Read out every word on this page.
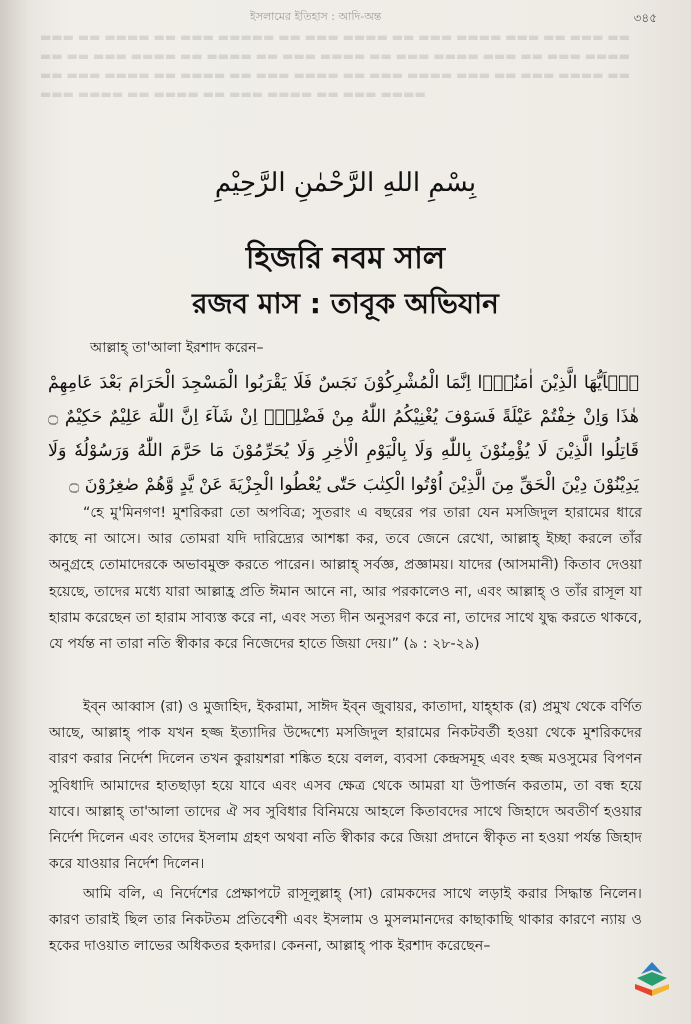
ইসলামের ইতিহাস : আদি-অন্ত	৩৪৫
▬▬▬ ▬▬ ▬▬▬▬ ▬▬ ▬▬▬ ▬▬▬▬▬ ▬▬ ▬▬▬ ▬▬▬▬ ▬▬ ▬▬▬ ▬▬▬▬ ▬▬▬ ▬▬ ▬▬▬ ▬▬▬▬ ▬▬ ▬▬▬ ▬▬▬▬ ▬▬ ▬▬▬▬ ▬▬ ▬▬▬ ▬▬▬▬ ▬▬ ▬▬▬ ▬▬▬▬ ▬▬▬ ▬▬ ▬▬▬ ▬▬▬▬ ▬▬ ▬▬▬ ▬▬▬▬ ▬▬ ▬▬▬▬ ▬▬ ▬▬▬ ▬▬▬▬ ▬▬ ▬▬▬ ▬▬▬▬ ▬▬▬ ▬▬ ▬▬▬ ▬▬▬▬ ▬▬ ▬▬▬ ▬▬▬▬ ▬▬ ▬▬▬▬ ▬▬ ▬▬▬ ▬▬▬▬ ▬▬ ▬▬▬ ▬▬▬▬
بِسْمِ اللهِ الرَّحْمٰنِ الرَّحِيْمِ
হিজরি নবম সাল
রজব মাস : তাবূক অভিযান
আল্লাহ্ তা'আলা ইরশাদ করেন–
يٰۤاَيُّهَا الَّذِيْنَ اٰمَنُوْۤا اِنَّمَا الْمُشْرِكُوْنَ نَجَسٌ فَلَا يَقْرَبُوا الْمَسْجِدَ الْحَرَامَ بَعْدَ عَامِهِمْ هٰذَا وَاِنْ خِفْتُمْ عَيْلَةً فَسَوْفَ يُغْنِيْكُمُ اللّٰهُ مِنْ فَضْلِهٖۤ اِنْ شَآءَ اِنَّ اللّٰهَ عَلِيْمٌ حَكِيْمٌ ۝ قَاتِلُوا الَّذِيْنَ لَا يُؤْمِنُوْنَ بِاللّٰهِ وَلَا بِالْيَوْمِ الْاٰخِرِ وَلَا يُحَرِّمُوْنَ مَا حَرَّمَ اللّٰهُ وَرَسُوْلُهٗ وَلَا يَدِيْنُوْنَ دِيْنَ الْحَقِّ مِنَ الَّذِيْنَ اُوْتُوا الْكِتٰبَ حَتّٰى يُعْطُوا الْجِزْيَةَ عَنْ يَّدٍ وَّهُمْ صٰغِرُوْنَ ۝

“হে মু'মিনগণ! মুশরিকরা তো অপবিত্র; সুতরাং এ বছরের পর তারা যেন মসজিদুল হারামের ধারে কাছে না আসে। আর তোমরা যদি দারিদ্র্যের আশঙ্কা কর, তবে জেনে রেখো, আল্লাহ্ ইচ্ছা করলে তাঁর অনুগ্রহে তোমাদেরকে অভাবমুক্ত করতে পারেন। আল্লাহ্ সর্বজ্ঞ, প্রজ্ঞাময়। যাদের (আসমানী) কিতাব দেওয়া হয়েছে, তাদের মধ্যে যারা আল্লাহ্র প্রতি ঈমান আনে না, আর পরকালেও না, এবং আল্লাহ্ ও তাঁর রাসূল যা হারাম করেছেন তা হারাম সাব্যস্ত করে না, এবং সত্য দীন অনুসরণ করে না, তাদের সাথে যুদ্ধ করতে থাকবে, যে পর্যন্ত না তারা নতি স্বীকার করে নিজেদের হাতে জিয়া দেয়।” (৯ : ২৮-২৯)

ইব্ন আব্বাস (রা) ও মুজাহিদ, ইকরামা, সাঈদ ইব্ন জুবায়র, কাতাদা, যাহ্হাক (র) প্রমুখ থেকে বর্ণিত আছে, আল্লাহ্ পাক যখন হজ্জ ইত্যাদির উদ্দেশ্যে মসজিদুল হারামের নিকটবর্তী হওয়া থেকে মুশরিকদের বারণ করার নির্দেশ দিলেন তখন কুরায়শরা শঙ্কিত হয়ে বলল, ব্যবসা কেন্দ্রসমূহ এবং হজ্জ মওসুমের বিপণন সুবিধাদি আমাদের হাতছাড়া হয়ে যাবে এবং এসব ক্ষেত্র থেকে আমরা যা উপার্জন করতাম, তা বন্ধ হয়ে যাবে। আল্লাহ্ তা'আলা তাদের ঐ সব সুবিধার বিনিময়ে আহলে কিতাবদের সাথে জিহাদে অবতীর্ণ হওয়ার নির্দেশ দিলেন এবং তাদের ইসলাম গ্রহণ অথবা নতি স্বীকার করে জিয়া প্রদানে স্বীকৃত না হওয়া পর্যন্ত জিহাদ করে যাওয়ার নির্দেশ দিলেন।

আমি বলি, এ নির্দেশের প্রেক্ষাপটে রাসূলুল্লাহ্ (সা) রোমকদের সাথে লড়াই করার সিদ্ধান্ত নিলেন। কারণ তারাই ছিল তার নিকটতম প্রতিবেশী এবং ইসলাম ও মুসলমানদের কাছাকাছি থাকার কারণে ন্যায় ও হকের দাওয়াত লাভের অধিকতর হকদার। কেননা, আল্লাহ্ পাক ইরশাদ করেছেন–
